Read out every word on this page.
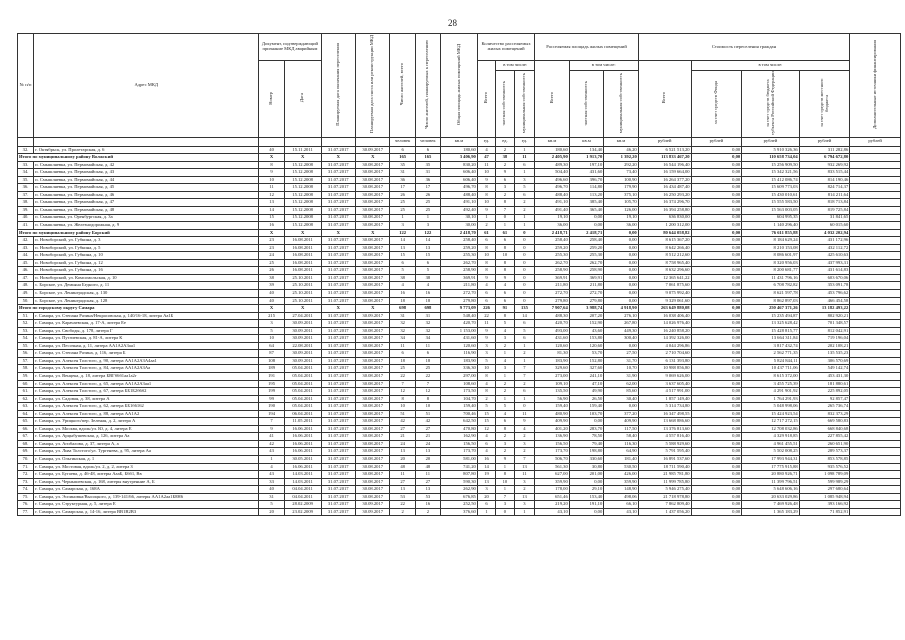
28
№ п/п	Адрес МКД	Документ, подтверждающий признание МКД аварийным		Планируемая дата окончания переселения	Планируемая дата сноса или реконструкции МКД	Число жителей, всего	Число жителей, планируемых к переселению	Общая площадь жилых помещений МКД	Количество расселяемых жилых помещений			Расселяемая площадь жилых помещений			Стоимость переселения граждан				Дополнительные источники финансирования
		Номер	Дата						Всего	в том числе:		Всего	в том числе:		Всего	в том числе:			
										частная собственность	муниципальная собственность		частная собственность	муниципальная собственность		за счет средств Фонда	за счет средств бюджета субъекта Российской Федерации	за счет средств местного бюджета	
						человек	человек	кв.м	ед.	ед.	ед.	кв.м	кв.м	кв.м	рублей	рублей	рублей	рублей	рублей
32.	г. Октябрьск, ул. Пролетарская, д. 6	40	15.11.2011	31.07.2017	30.09.2017	6	6	180,60	4	2	1	180,60	134,40	46,20	6 521 513,20	0,00	5 910 326,36	311 282,86	
Итого по муниципальному району Волжский		X	X	X	X	165	165	3 406,90	47	38	11	2 405,90	1 913,70	1 392,20	113 833 467,20	0,00	110 658 734,04	6 794 672,80	
33.	п. Смышляевка, ул. Пермомайская, д. 42	8	15.12.2008	31.07.2017	30.08.2017	35	35	830,20	11	2	6	489,30	197,10	292,20	16 544 196,40	0,00	15 256 909,50	932 269,92	
34.	п. Смышляевка, ул. Пермомайская, д. 43	9	15.12.2008	31.07.2017	30.08.2017	31	31	606,40	10	9	1	504,40	431,60	73,40	16 159 664,00	0,00	15 342 321,56	833 515,44	
35.	п. Смышляевка, ул. Пермомайская, д. 44	10	15.12.2008	31.07.2017	30.08.2017	36	36	606,40	9	6	3	496,60	396,70	100,90	16 264 377,20	0,00	15 412 086,74	814 190,46	
36.	п. Смышляевка, ул. Пермомайская, д. 45	11	15.12.2008	31.07.2017	30.08.2017	17	17	496,70	8	3	5	496,70	114,80	179,90	16 434 487,40	0,00	15 609 773,03	824 714,37	
37.	п. Смышляевка, ул. Пермомайская, д. 46	12	15.12.2008	31.07.2017	30.08.2017	26	26	488,40	8	2	6	488,40	113,20	375,10	16 250 293,20	0,00	15 430 010,61	814 211,64	
38.	п. Смышляевка, ул. Пермомайская, д. 47	13	15.12.2008	31.07.2017	30.08.2017	25	25	491,10	10	8	2	491,10	385,40	105,70	16 374 296,70	0,00	15 555 583,50	818 713,84	
39.	п. Смышляевка, ул. Пермомайская, д. 48	14	15.12.2008	31.07.2017	30.08.2017	25	25	492,40	9	7	2	491,40	365,40	126,00	16 394 258,80	0,00	15 563 003,05	819 725,84	
40.	п. Смышляевка, ул. Оренбургская, д. 3а	15	15.12.2008	31.07.2017	30.08.2017	1	1	30,10	1	0	1	19,10	0,00	19,10	636 830,00	0,00	604 995,35	31 841,65	
41.	п. Смышляевка, ул. Железнодорожная, д. 9	16	15.12.2008	31.07.2017	30.08.2017	3	3	30,00	2	1	1	36,00	0,00	36,00	1 200 312,00	0,00	1 140 296,40	60 015,60	
Итого по муниципальному району Борский		X	X	X	X	122	122	2 418,70	61	61	0	2 418,71	2 418,71	0,00	80 644 058,82	0,00	76 611 855,88	4 032 202,94	
42.	п. Новоборский, ул. Губкина, д. 3	23	16.08.2011	31.07.2017	30.08.2017	14	14	258,40	6	6	0	258,40	258,40	0,00	8 615 367,20	0,00	8 184 629,24	431 172,96	
43.	п. Новоборский, ул. Губкина, д. 5	23	16.08.2011	31.07.2017	30.08.2017	13	13	259,20	8	8	0	259,20	259,20	0,00	8 642 266,40	0,00	8 210 153,08	432 112,72	
44.	п. Новоборский, ул. Губкина, д. 10	24	16.08.2011	31.07.2017	30.08.2017	15	15	255,30	10	10	0	255,30	255,30	0,00	8 512 212,60	0,00	8 086 601,97	425 610,63	
45.	п. Новоборский, ул. Губкина, д. 12	25	16.08.2011	31.07.2017	30.08.2017	6	6	262,70	8	8	0	262,70	262,70	0,00	8 758 965,40	0,00	8 320 956,03	437 993,31	
46.	п. Новоборский, ул. Губкина, д. 16	26	16.08.2011	31.07.2017	30.08.2017	5	5	258,90	8	8	0	258,90	258,90	0,00	8 632 296,60	0,00	8 200 681,77	431 614,83	
47.	п. Новоборский, ул. Комсомольская, д. 10	38	25.10.2011	31.07.2017	30.08.2017	38	38	369,91	9	9	0	369,91	369,91	0,00	12 365 641,22	0,00	11 431 796,16	603 670,06	
48.	с. Борское, ул. Демьяна Бедного, д. 11	39	25.10.2011	31.07.2017	30.08.2017	4	4	211,80	4	4	0	211,80	211,80	0,00	7 061 875,60	0,00	6 708 782,82	353 091,78	
49.	с. Борское, ул. Ленинградская, д. 130	40	25.10.2011	31.07.2017	30.08.2017	16	16	272,70	6	6	0	272,70	272,70	0,00	9 075 992,40	0,00	8 621 597,78	453 796,62	
50.	с. Борское, ул. Ленинградская, д. 128	40	25.10.2011	31.07.2017	30.08.2017	18	18	279,80	6	6	0	279,80	279,80	0,00	9 329 061,60	0,00	8 862 897,03	466 454,58	
Итого по городскому округу Самара		X	X	X	X	698	698	9 773,09	226	91	135	7 907,64	3 988,74	4 918,90	263 649 880,08	0,00	250 467 371,26	13 182 493,22	
51.	г. Самара, ул. Степана Разина/Некрасовская, д. 140/16-18, литера Аа1Б	215	27.04.2011	31.07.2017	30.09.2017	31	31	548,40	22	8	14	488,30	207,20	276,10	16 038 406,40	0,00	15 235 494,87	802 920,21	
52.	г. Самара, ул. Карачаевская, д. 17-А, литера Ее	3	30.09.2011	31.07.2017	30.08.2017	32	32	420,70	11	5	6	420,70	152,90	267,80	14 026 976,40	0,00	13 325 628,42	701 348,57	
53.	г. Самара, ул. Свободы, д. 178, литера Г	5	30.09.2011	31.07.2017	30.08.2017	32	32	1 153,00	9	4	5	493,00	43,60	449,30	16 240 858,20	0,00	15 428 815,77	812 042,91	
54.	г. Самара, ул. Пугачевская, д. 81-А, литера К	10	30.09.2011	31.07.2017	30.08.2017	34	34	431,60	9	3	6	431,60	153,80	300,40	14 392 326,00	0,00	13 664 311,84	719 196,04	
55.	г. Самара, ул. Песочная, д. 11, литера АА1А2А3аа1	64	22.08.2011	31.07.2017	30.08.2017	11	11	120,60	3	2	1	120,60	120,60	0,00	4 044 296,86	0,00	3 817 432,74	202 108,21	
56.	г. Самара, ул. Степана Разина, д. 116, литера Б	87	30.09.2011	31.07.2017	30.08.2017	6	6	116,90	3	1	2	81,30	53,70	27,50	2 710 704,60	0,00	2 562 771,35	135 535,23	
57.	г. Самара, ул. Алексея Толстого, д. 90, литера АА1А2А3А4аа1	108	30.09.2011	31.07.2017	30.08.2017	18	18	183,90	5	4	1	183,90	152,80	31,70	6 131 393,80	0,00	5 824 844,11	306 570,69	
58.	г. Самара, ул. Алексея Толстого, д. 84, литера АА1А2А3Аа	189	05.04.2011	31.07.2017	30.08.2017	25	25	336,30	10	3	7	329,60	327,60	10,70	10 988 856,80	0,00	10 437 711,06	549 142,74	
59.	г. Самара, ул. Венцека, д. 18, литера БВГб6б1аа1а2г	191	05.04.2011	31.07.2017	30.08.2017	22	22	297,00	8	1	7	273,00	241,10	31,90	9 069 626,00	0,00	8 615 372,00	453 431,30	
60.	г. Самара, ул. Алексея Толстого, д. 65, литера АА1А2А3аа1	195	05.04.2011	31.07.2017	30.08.2017	7	7	108,60	4	2	2	109,10	47,10	62,00	3 637 605,40	0,00	3 455 725,39	181 880,61	
61.	г. Самара, ул. Алексея Толстого, д. 67, литера ББ1Б2б6б2	199	05.04.2011	31.07.2017	30.08.2017	12	12	173,50	8	2	6	135,50	49,90	85,60	4 517 991,00	0,00	4 291 901,92	225 892,05	
62.	г. Самара, ул. Садовая, д. 38, литера А	99	05.04.2011	31.07.2017	30.08.2017	8	8	104,70	2	1	1	56,90	26,50	30,40	1 857 149,40	0,00	1 764 291,93	92 857,47	
63.	г. Самара, ул. Алексея Толстого, д. 62, литера ББ1б6162	190	05.04.2011	31.07.2017	30.08.2017	10	10	159,40	5	5	0	159,40	159,40	0,00	5 314 734,80	0,00	5 048 998,06	265 736,74	
64.	г. Самара, ул. Алексея Толстого, д. 88, литера АА1А2	194	06.04.2011	31.07.2017	30.08.2017	51	51	700,46	15	4	11	480,90	103,70	377,20	16 347 498,55	0,00	15 424 923,54	832 373,29	
65.	г. Самара, ул. Урицкого/пер. Зеленая, д. 2, литера А	7	11.05.2011	31.07.2017	30.08.2017	42	42	642,50	15	6	9	409,90	0,00	409,90	13 668 886,60	0,00	12 717 272,15	669 580,83	
66.	г. Самара, ул. Москва, вдоль/ул. Ю, д. 4, литера Е	9	16.06.2011	31.07.2017	30.08.2017	27	27	470,80	12	8	4	401,20	283,70	117,50	13 376 813,60	0,00	12 708 032,86	668 840,68	
67.	г. Самара, ул. Арцыбушевская, д. 126, литера Аа	41	16.06.2011	31.07.2017	30.08.2017	21	21	162,90	4	2	2	136,90	78,50	58,40	4 557 816,40	0,00	4 329 918,85	227 855,42	
68.	г. Самара, ул. Агибалова, д. 37, литера А, а	42	16.06.2011	31.07.2017	30.08.2017	24	24	156,50	6	3	3	156,50	79,40	116,30	5 588 929,60	0,00	4 961 455,51	260 651,90	
69.	г. Самара, ул. Льва Толстого/ул. Тургенева, д. 95, литера Аа	43	16.06.2011	31.07.2017	30.08.2017	13	13	173,70	4	2	2	173,70	198,80	64,90	5 791 595,40	0,00	5 502 008,25	289 573,37	
70.	г. Самара, ул. Ольгинская, д. 1	1	30.05.2011	31.07.2017	30.08.2017	20	20	581,00	16	9	7	506,70	330,60	181,40	16 891 537,60	0,00	17 993 944,31	853 578,85	
71.	г. Самара, ул. Мостовая, вдоль/ул. 2, д. 2, литера З	4	16.06.2011	31.07.2017	30.08.2017	48	48	741,20	14	1	13	561,30	30,80	530,50	18 711 590,40	0,00	17 775 915,88	935 576,52	
72.	г. Самара, ул. Бугаева, д. 46-48, литеры АааБ, Б6б1, Вв	43	14.03.2011	31.07.2017	30.08.2017	11	11	807,80	19	8	11	627,00	201,00	426,00	21 985 781,80	0,00	20 880 926,71	1 098 789,09	
73.	г. Самара, ул. Чернышевская, д. 168, литеры внутренние А, Б	33	14.03.2011	31.07.2017	30.08.2017	27	27	590,30	13	10	3	359,90	0,00	359,90	11 999 785,80	0,00	11 399 796,51	599 989,29	
74.	г. Самара, ул. Самарская, д. 168А	40	04.04.2011	31.07.2017	30.08.2017	13	13	262,90	3	1	2	178,00	29,10	148,90	5 946 275,40	0,00	5 648 606,16	297 680,64	
75.	г. Самара, ул. Эспиновка/Высоцкого, д. 139-141/66, литеры АА1А2аа1Б8Н6	31	04.04.2011	31.07.2017	30.08.2017	53	53	676,85	20	7	13	651,46	153,40	498,06	21 718 978,80	0,00	20 633 029,86	1 085 948,94	
76.	г. Самара, ул. Структурная, д. 5, литера Е	5	28.02.2009	31.07.2017	30.09.2017	22	16	252,50	6	3	3	219,20	191,10	66,10	7 862 809,40	0,00	7 469 926,48	393 166,92	
77.	г. Самара, ул. Самарская, д. 14-16, литера ВВ1В2В3	20	23.02.2009	31.07.2017	30.09.2017	2	2	376,60	1	0	1	43,10	0,00	43,10	1 437 056,20	0,00	1 365 183,29	71 852,91	
